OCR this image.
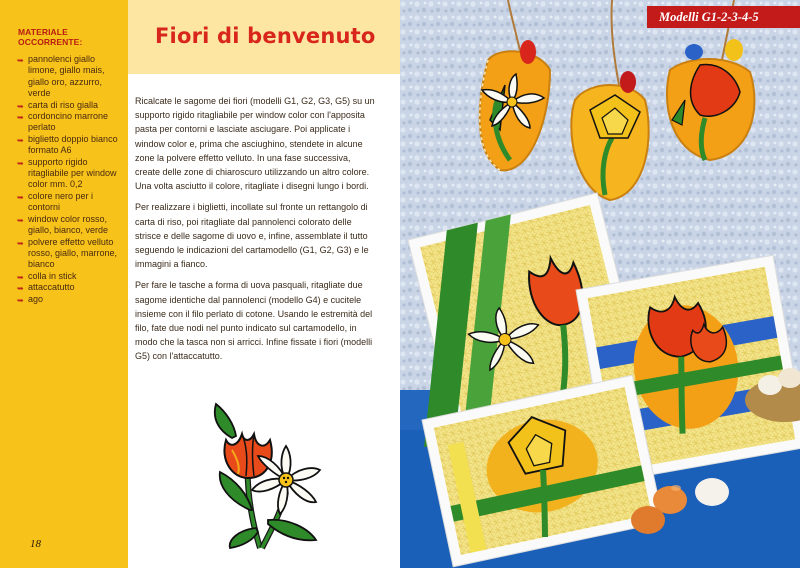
MATERIALE OCCORRENTE:
➥ pannolenci giallo limone, giallo mais, giallo oro, azzurro, verde
➥ carta di riso gialla
➥ cordoncino marrone perlato
➥ biglietto doppio bianco formato A6
➥ supporto rigido ritagliabile per window color mm. 0,2
➥ colore nero per i contorni
➥ window color rosso, giallo, bianco, verde
➥ polvere effetto velluto rosso, giallo, marrone, bianco
➥ colla in stick
➥ attaccatutto
➥ ago
18
Fiori di benvenuto

Ricalcate le sagome dei fiori (modelli G1, G2, G3, G5) su un supporto rigido ritagliabile per window color con l'apposita pasta per contorni e lasciate asciugare. Poi applicate i window color e, prima che asciughino, stendete in alcune zone la polvere effetto velluto. In una fase successiva, create delle zone di chiaroscuro utilizzando un altro colore. Una volta asciutto il colore, ritagliate i disegni lungo i bordi.

Per realizzare i biglietti, incollate sul fronte un rettangolo di carta di riso, poi ritagliate dal pannolenci colorato delle strisce e delle sagome di uovo e, infine, assemblate il tutto seguendo le indicazioni del cartamodello (G1, G2, G3) e le immagini a fianco.

Per fare le tasche a forma di uova pasquali, ritagliate due sagome identiche dal pannolenci (modello G4) e cucitele insieme con il filo perlato di cotone. Usando le estremità del filo, fate due nodi nel punto indicato sul cartamodello, in modo che la tasca non si arricci. Infine fissate i fiori (modelli G5) con l'attaccatutto.

Modelli G1-2-3-4-5
